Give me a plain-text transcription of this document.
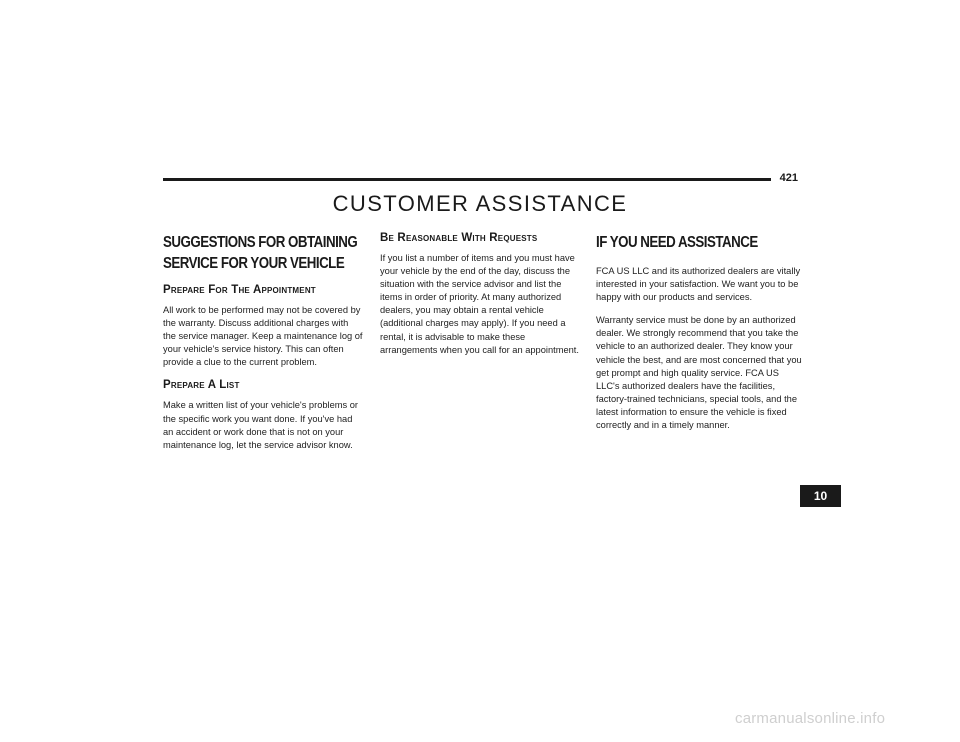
421
CUSTOMER ASSISTANCE
SUGGESTIONS FOR OBTAINING SERVICE FOR YOUR VEHICLE
Prepare For The Appointment

All work to be performed may not be covered by the warranty. Discuss additional charges with the service manager. Keep a maintenance log of your vehicle's service history. This can often provide a clue to the current problem.

Prepare A List

Make a written list of your vehicle's problems or the specific work you want done. If you've had an accident or work done that is not on your maintenance log, let the service advisor know.

Be Reasonable With Requests

If you list a number of items and you must have your vehicle by the end of the day, discuss the situation with the service advisor and list the items in order of priority. At many authorized dealers, you may obtain a rental vehicle (additional charges may apply). If you need a rental, it is advisable to make these arrangements when you call for an appointment.

IF YOU NEED ASSISTANCE

FCA US LLC and its authorized dealers are vitally interested in your satisfaction. We want you to be happy with our products and services.

Warranty service must be done by an authorized dealer. We strongly recommend that you take the vehicle to an authorized dealer. They know your vehicle the best, and are most concerned that you get prompt and high quality service. FCA US LLC's authorized dealers have the facilities, factory-trained technicians, special tools, and the latest information to ensure the vehicle is fixed correctly and in a timely manner.

10
carmanualsonline.info
